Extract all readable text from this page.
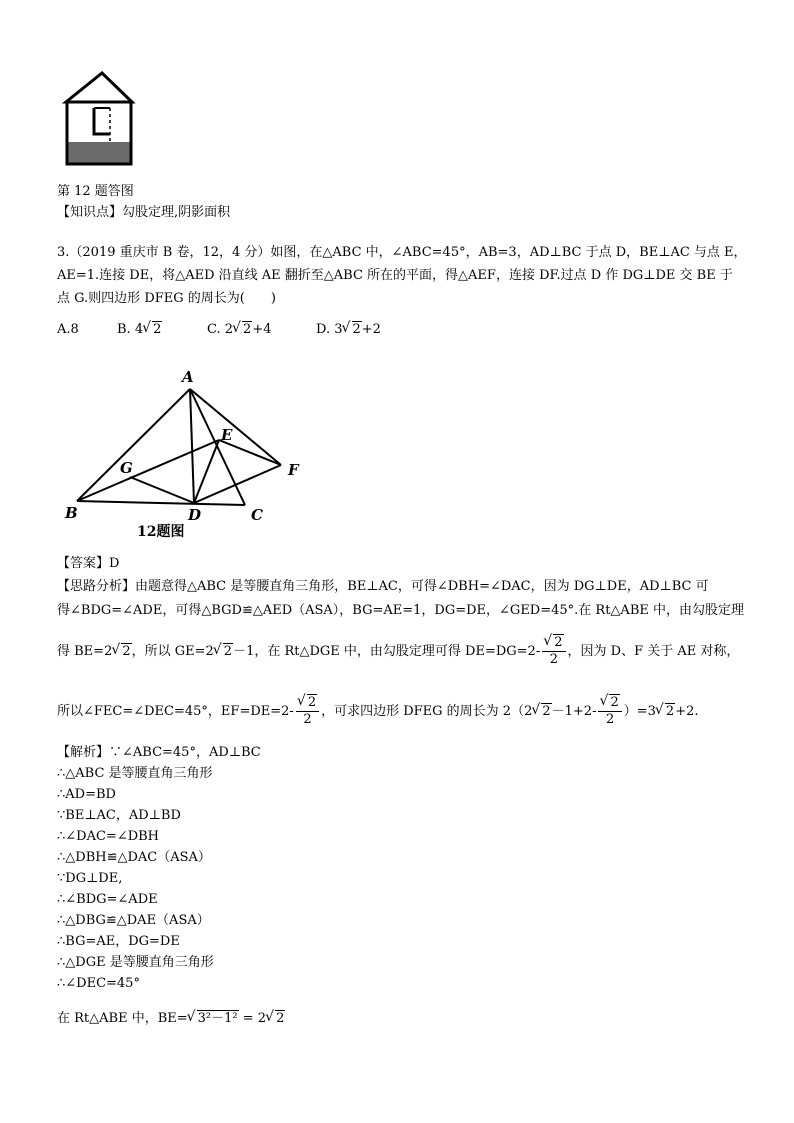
第 12 题答图
【知识点】勾股定理,阴影面积
3.（2019 重庆市 B 卷，12，4 分）如图，在△ABC 中，∠ABC=45°，AB=3，AD⊥BC 于点 D，BE⊥AC 与点 E，
AE=1.连接 DE，将△AED 沿直线 AE 翻折至△ABC 所在的平面，得△AEF，连接 DF.过点 D 作 DG⊥DE 交 BE 于
点 G.则四边形 DFEG 的周长为(　　)
A.8	B. 4√ 2	C. 2√ 2+4	D. 3√ 2+2
A
B	C
D
E
F
G
12题图
【答案】D
【思路分析】由题意得△ABC 是等腰直角三角形，BE⊥AC，可得∠DBH=∠DAC，因为 DG⊥DE，AD⊥BC 可
得∠BDG=∠ADE，可得△BGD≌△AED（ASA），BG=AE=1，DG=DE，∠GED=45°.在 Rt△ABE 中，由勾股定理
得 BE=2√ 2，所以 GE=2√ 2－1，在 Rt△DGE 中，由勾股定理可得 DE=DG=2-
√ $\frac{2}{2}$ ，因为 D、F 关于 AE 对称，
所以∠FEC=∠DEC=45°，EF=DE=2-
√ $\frac{2}{2}$ ，可求四边形 DFEG 的周长为 2（2√ 2－1+2-
√ $\frac{2}{2} )=3√$ 2+2.
【解析】∵∠ABC=45°，AD⊥BC
∴△ABC 是等腰直角三角形
∴AD=BD
∵BE⊥AC，AD⊥BD
∴∠DAC=∠DBH
∴△DBH≌△DAC（ASA）
∵DG⊥DE,
∴∠BDG=∠ADE
∴△DBG≌△DAE（ASA）
∴BG=AE，DG=DE
∴△DGE 是等腰直角三角形
∴∠DEC=45°
在 Rt△ABE 中，BE=√ 3²－1² = 2√ 2
